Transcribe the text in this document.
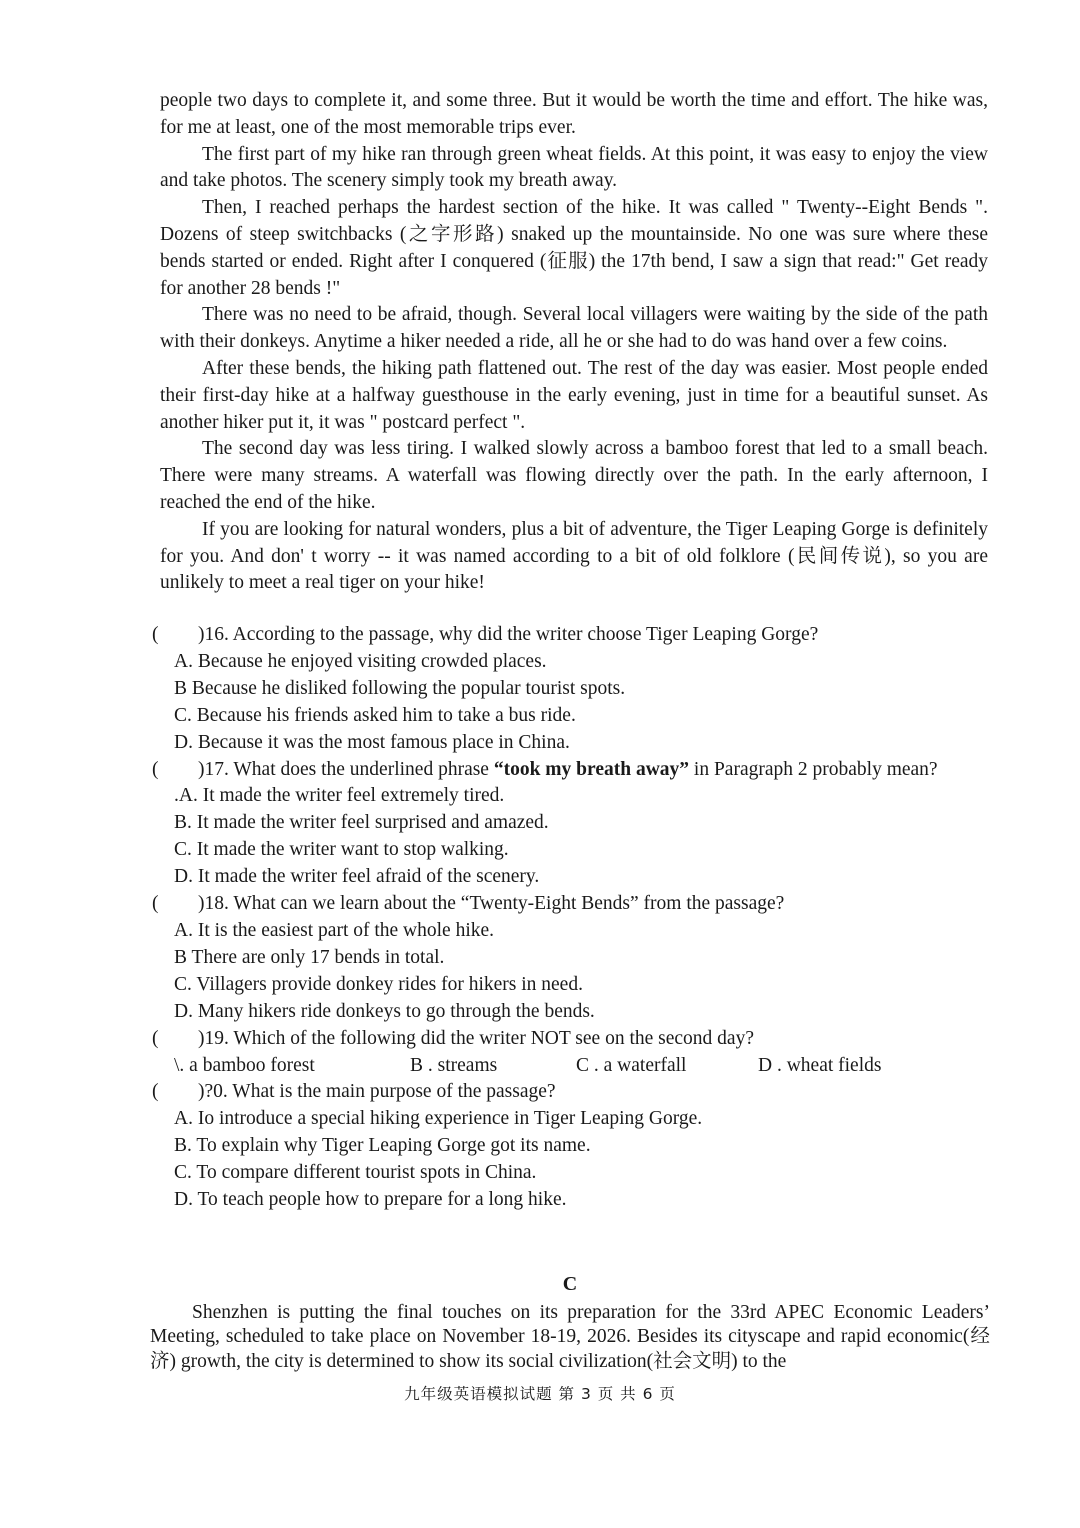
people two days to complete it, and some three. But it would be worth the time and effort. The hike was, for me at least, one of the most memorable trips ever.

The first part of my hike ran through green wheat fields. At this point, it was easy to enjoy the view and take photos. The scenery simply took my breath away.

Then, I reached perhaps the hardest section of the hike. It was called " Twenty--Eight Bends ". Dozens of steep switchbacks (之字形路) snaked up the mountainside. No one was sure where these bends started or ended. Right after I conquered (征服) the 17th bend, I saw a sign that read:" Get ready for another 28 bends !"

There was no need to be afraid, though. Several local villagers were waiting by the side of the path with their donkeys. Anytime a hiker needed a ride, all he or she had to do was hand over a few coins.

After these bends, the hiking path flattened out. The rest of the day was easier. Most people ended their first-day hike at a halfway guesthouse in the early evening, just in time for a beautiful sunset. As another hiker put it, it was " postcard perfect ".

The second day was less tiring. I walked slowly across a bamboo forest that led to a small beach. There were many streams. A waterfall was flowing directly over the path. In the early afternoon, I reached the end of the hike.

If you are looking for natural wonders, plus a bit of adventure, the Tiger Leaping Gorge is definitely for you. And don' t worry -- it was named according to a bit of old folklore (民间传说), so you are unlikely to meet a real tiger on your hike!

( )16. According to the passage, why did the writer choose Tiger Leaping Gorge?

A. Because he enjoyed visiting crowded places.

B Because he disliked following the popular tourist spots.

C. Because his friends asked him to take a bus ride.

D. Because it was the most famous place in China.

( )17. What does the underlined phrase “took my breath away” in Paragraph 2 probably mean?

.A. It made the writer feel extremely tired.

B. It made the writer feel surprised and amazed.

C. It made the writer want to stop walking.

D. It made the writer feel afraid of the scenery.

( )18. What can we learn about the “Twenty-Eight Bends” from the passage?

A. It is the easiest part of the whole hike.

B There are only 17 bends in total.

C. Villagers provide donkey rides for hikers in need.

D. Many hikers ride donkeys to go through the bends.

( )19. Which of the following did the writer NOT see on the second day?

\. a bamboo forest	B . streams	C . a waterfall	D . wheat fields

( )?0. What is the main purpose of the passage?

A. Io introduce a special hiking experience in Tiger Leaping Gorge.

B. To explain why Tiger Leaping Gorge got its name.

C. To compare different tourist spots in China.

D. To teach people how to prepare for a long hike.

C

Shenzhen is putting the final touches on its preparation for the 33rd APEC Economic Leaders’ Meeting, scheduled to take place on November 18-19, 2026. Besides its cityscape and rapid economic(经济) growth, the city is determined to show its social civilization(社会文明) to the

九年级英语模拟试题 第 3 页 共 6 页
